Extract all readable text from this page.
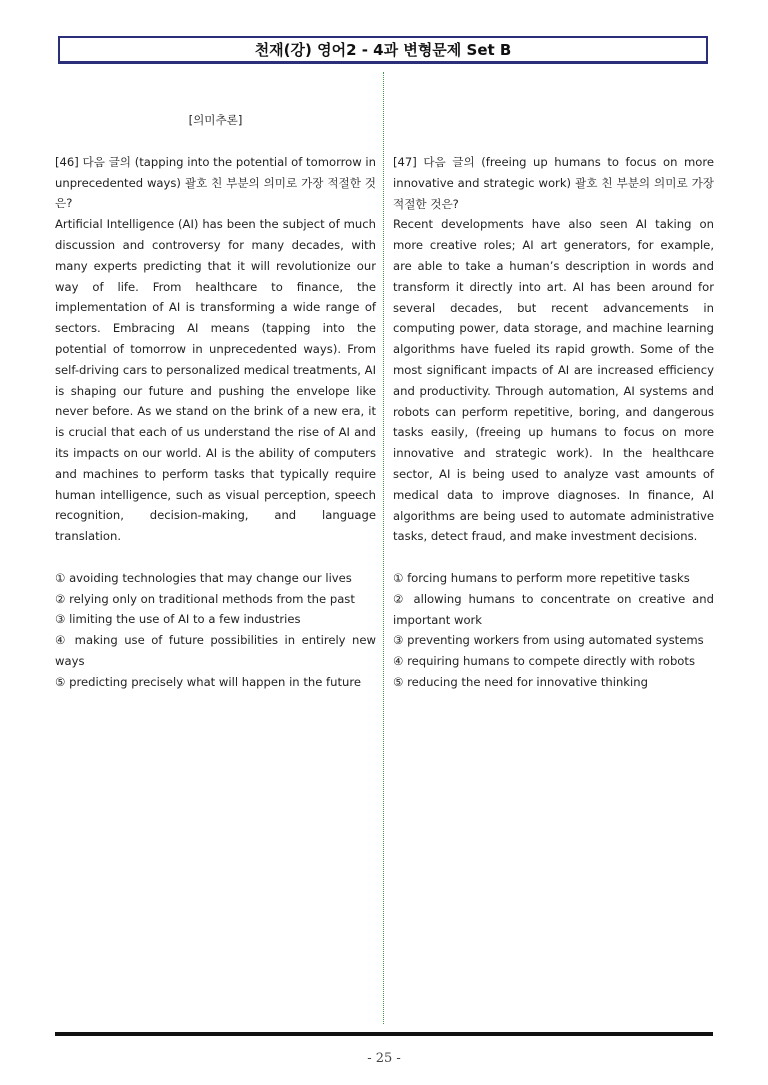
천재(강) 영어2 - 4과 변형문제 Set B
[의미추론]
[46] 다음 글의 (tapping into the potential of tomorrow in unprecedented ways) 괄호 친 부분의 의미로 가장 적절한 것은?
Artificial Intelligence (AI) has been the subject of much discussion and controversy for many decades, with many experts predicting that it will revolutionize our way of life. From healthcare to finance, the implementation of AI is transforming a wide range of sectors. Embracing AI means (tapping into the potential of tomorrow in unprecedented ways). From self-driving cars to personalized medical treatments, AI is shaping our future and pushing the envelope like never before. As we stand on the brink of a new era, it is crucial that each of us understand the rise of AI and its impacts on our world. AI is the ability of computers and machines to perform tasks that typically require human intelligence, such as visual perception, speech recognition, decision-making, and language translation.
① avoiding technologies that may change our lives
② relying only on traditional methods from the past
③ limiting the use of AI to a few industries
④ making use of future possibilities in entirely new ways
⑤ predicting precisely what will happen in the future
[47] 다음 글의 (freeing up humans to focus on more innovative and strategic work) 괄호 친 부분의 의미로 가장 적절한 것은?
Recent developments have also seen AI taking on more creative roles; AI art generators, for example, are able to take a human’s description in words and transform it directly into art. AI has been around for several decades, but recent advancements in computing power, data storage, and machine learning algorithms have fueled its rapid growth. Some of the most significant impacts of AI are increased efficiency and productivity. Through automation, AI systems and robots can perform repetitive, boring, and dangerous tasks easily, (freeing up humans to focus on more innovative and strategic work). In the healthcare sector, AI is being used to analyze vast amounts of medical data to improve diagnoses. In finance, AI algorithms are being used to automate administrative tasks, detect fraud, and make investment decisions.
① forcing humans to perform more repetitive tasks
② allowing humans to concentrate on creative and important work
③ preventing workers from using automated systems
④ requiring humans to compete directly with robots
⑤ reducing the need for innovative thinking
- 25 -
